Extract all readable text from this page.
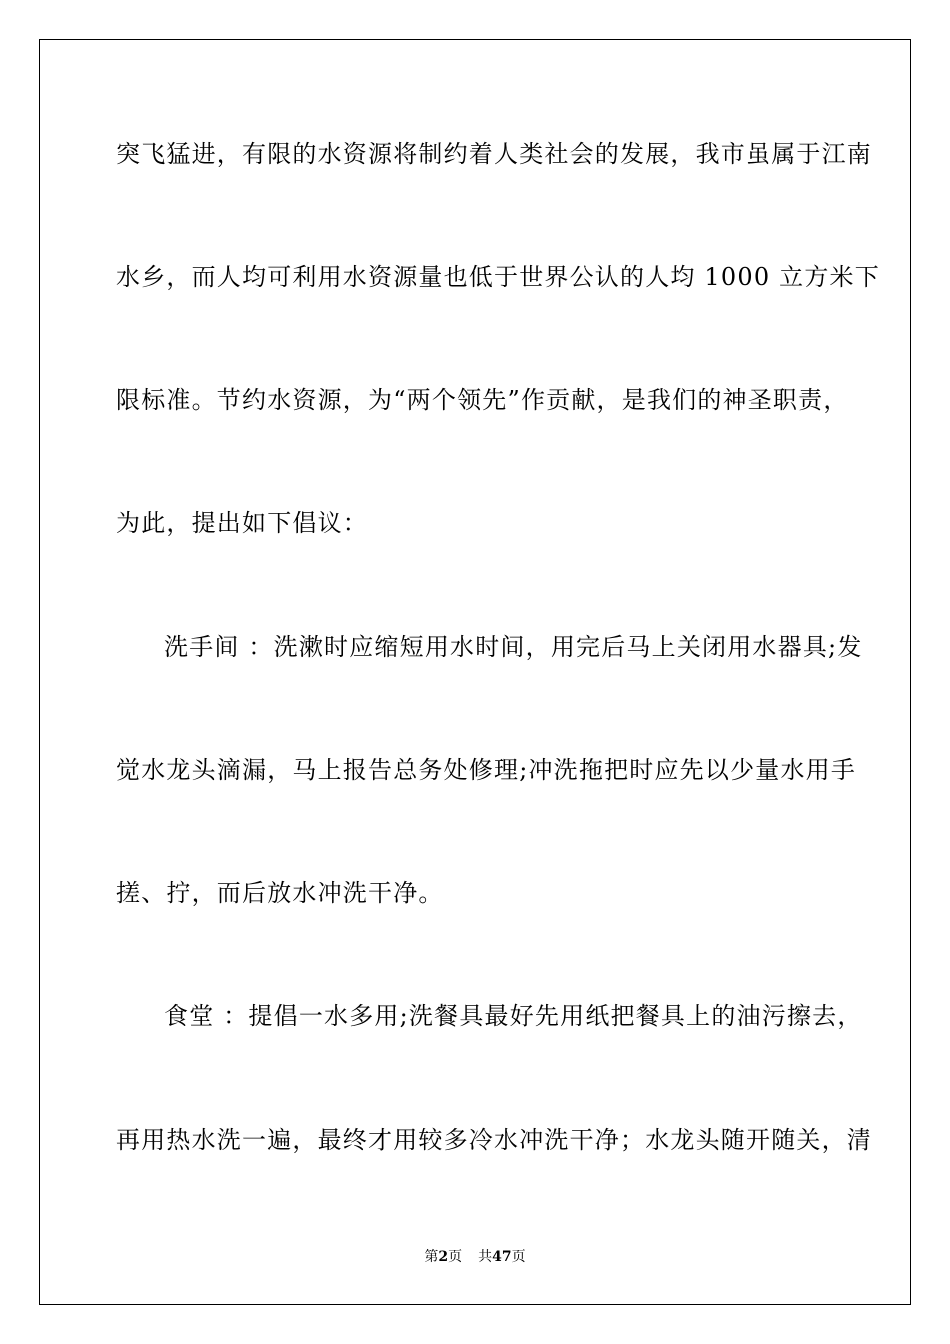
突飞猛进，有限的水资源将制约着人类社会的发展，我市虽属于江南
水乡，而人均可利用水资源量也低于世界公认的人均 1000 立方米下
限标准。节约水资源，为“两个领先”作贡献，是我们的神圣职责，
为此，提出如下倡议：
洗手间 ：洗漱时应缩短用水时间，用完后马上关闭用水器具;发
觉水龙头滴漏，马上报告总务处修理;冲洗拖把时应先以少量水用手
搓、拧，而后放水冲洗干净。
食堂 ：提倡一水多用;洗餐具最好先用纸把餐具上的油污擦去，
再用热水洗一遍，最终才用较多冷水冲洗干净；水龙头随开随关，清
第2页 共47页
